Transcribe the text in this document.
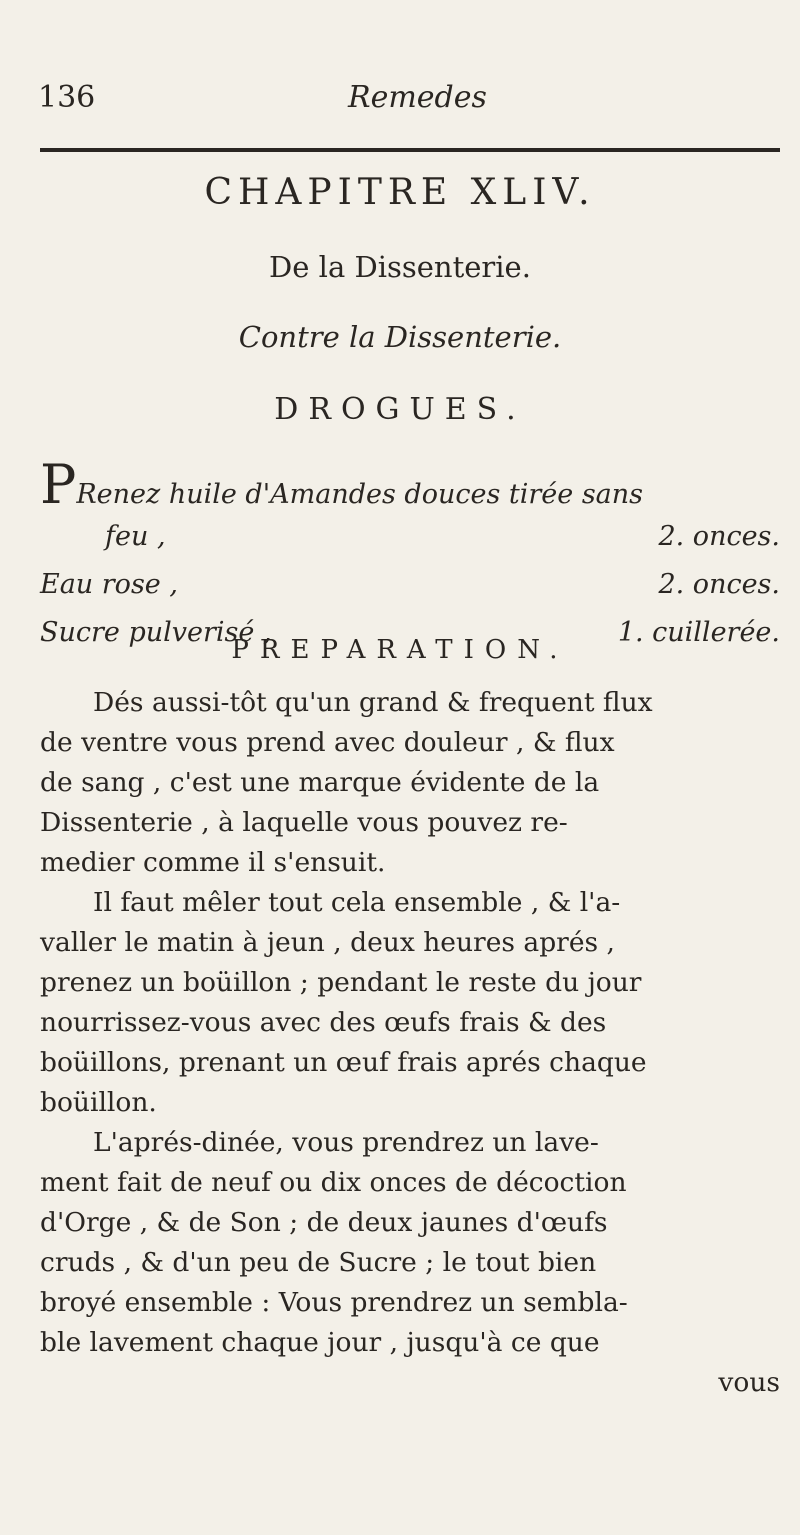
136	Remedes
CHAPITRE XLIV.
De la Dissenterie.
Contre la Dissenterie.
DROGUES.
PRenez huile d'Amandes douces tirée sans
feu ,	2. onces.
Eau rose ,	2. onces.
Sucre pulverisé ,	1. cuillerée.
PREPARATION.

Dés aussi-tôt qu'un grand & frequent flux

de ventre vous prend avec douleur , & flux

de sang , c'est une marque évidente de la

Dissenterie , à laquelle vous pouvez re-

medier comme il s'ensuit.

Il faut mêler tout cela ensemble , & l'a-

valler le matin à jeun , deux heures aprés ,

prenez un boüillon ; pendant le reste du jour

nourrissez-vous avec des œufs frais & des

boüillons, prenant un œuf frais aprés chaque

boüillon.

L'aprés-dinée, vous prendrez un lave-

ment fait de neuf ou dix onces de décoction

d'Orge , & de Son ; de deux jaunes d'œufs

cruds , & d'un peu de Sucre ; le tout bien

broyé ensemble : Vous prendrez un sembla-

ble lavement chaque jour , jusqu'à ce que

vous
